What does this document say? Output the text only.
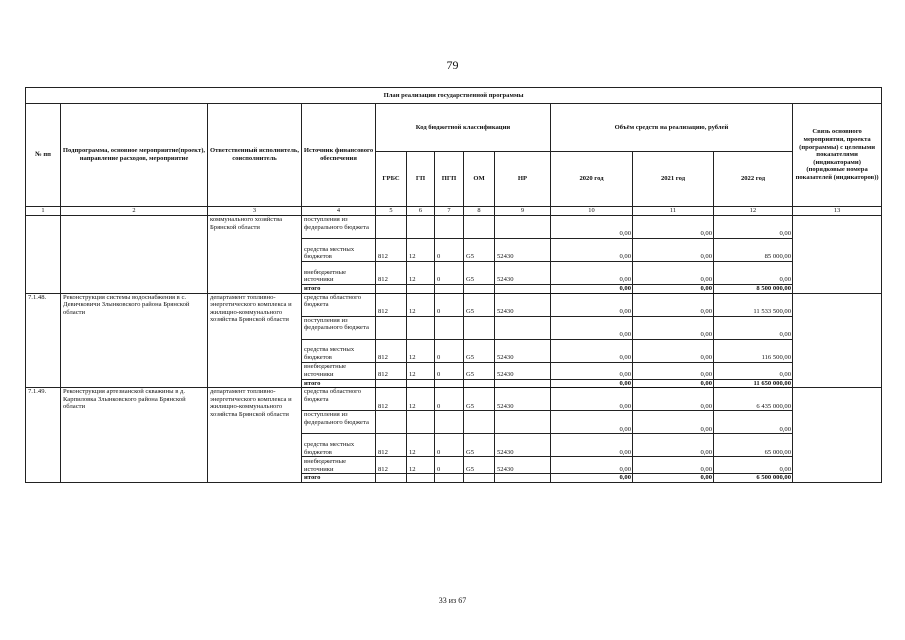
79
План реализации государственной программы												
№ пп	Подпрограмма, основное мероприятие(проект), направление расходов, мероприятие	Ответственный исполнитель, соисполнитель	Источник финансового обеспечения	Код бюджетной классификации					Объём средств на реализацию, рублей			Связь основного мероприятия, проекта (программы) с целевыми показателями (индикаторами) (порядковые номера показателей (индикаторов))
				ГРБС	ГП	ПГП	ОМ	НР	2020 год	2021 год	2022 год	
1	2	3	4	5	6	7	8	9	10	11	12	13
		коммунального хозяйства Брянской области	поступления из федерального бюджета						0,00	0,00	0,00	
			средства местных бюджетов	812	12	0	G5	52430	0,00	0,00	85 000,00	
			внебюджетные источники	812	12	0	G5	52430	0,00	0,00	0,00	
			итого						0,00	0,00	8 500 000,00	
7.1.48.	Реконструкция системы водоснабжения в с. Девичковичи Злынковского района Брянской области	департамент топливно-энергетического комплекса и жилищно-коммунального хозяйства Брянской области	средства областного бюджета	812	12	0	G5	52430	0,00	0,00	11 533 500,00	
			поступления из федерального бюджета						0,00	0,00	0,00	
			средства местных бюджетов	812	12	0	G5	52430	0,00	0,00	116 500,00	
			внебюджетные источники	812	12	0	G5	52430	0,00	0,00	0,00	
			итого						0,00	0,00	11 650 000,00	
7.1.49.	Реконструкция артезианской скважины в д. Карпиловка Злынковского района Брянской области	департамент топливно-энергетического комплекса и жилищно-коммунального хозяйства Брянской области	средства областного бюджета	812	12	0	G5	52430	0,00	0,00	6 435 000,00	
			поступления из федерального бюджета						0,00	0,00	0,00	
			средства местных бюджетов	812	12	0	G5	52430	0,00	0,00	65 000,00	
			внебюджетные источники	812	12	0	G5	52430	0,00	0,00	0,00	
			итого						0,00	0,00	6 500 000,00	
33 из 67
